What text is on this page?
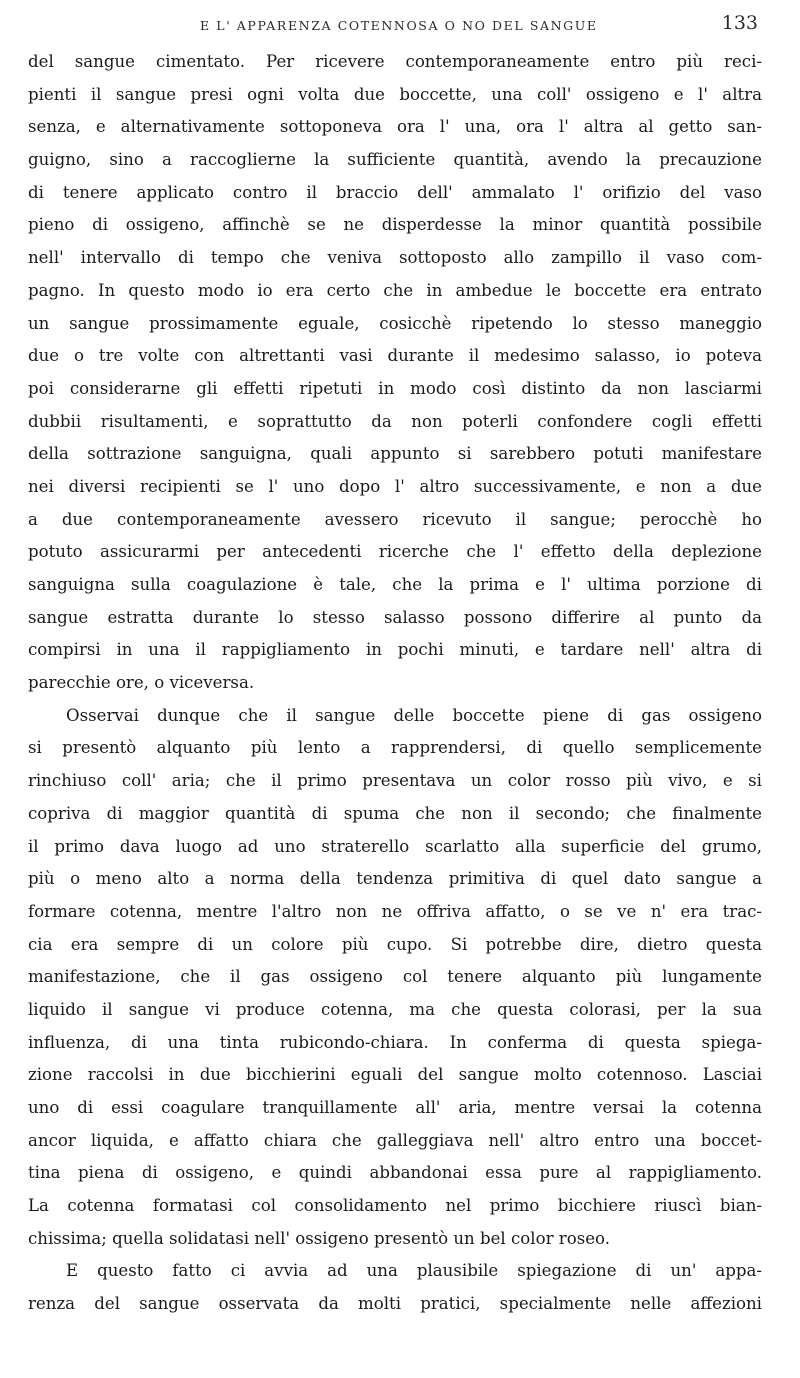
E L' APPARENZA COTENNOSA O NO DEL SANGUE	133

del sangue cimentato. Per ricevere contemporaneamente entro più reci-
pienti il sangue presi ogni volta due boccette, una coll' ossigeno e l' altra
senza, e alternativamente sottoponeva ora l' una, ora l' altra al getto san-
guigno, sino a raccoglierne la sufficiente quantità, avendo la precauzione
di tenere applicato contro il braccio dell' ammalato l' orifizio del vaso
pieno di ossigeno, affinchè se ne disperdesse la minor quantità possibile
nell' intervallo di tempo che veniva sottoposto allo zampillo il vaso com-
pagno. In questo modo io era certo che in ambedue le boccette era entrato
un sangue prossimamente eguale, cosicchè ripetendo lo stesso maneggio
due o tre volte con altrettanti vasi durante il medesimo salasso, io poteva
poi considerarne gli effetti ripetuti in modo così distinto da non lasciarmi
dubbii risultamenti, e soprattutto da non poterli confondere cogli effetti
della sottrazione sanguigna, quali appunto si sarebbero potuti manifestare
nei diversi recipienti se l' uno dopo l' altro successivamente, e non a due
a due contemporaneamente avessero ricevuto il sangue; perocchè ho
potuto assicurarmi per antecedenti ricerche che l' effetto della deplezione
sanguigna sulla coagulazione è tale, che la prima e l' ultima porzione di
sangue estratta durante lo stesso salasso possono differire al punto da
compirsi in una il rappigliamento in pochi minuti, e tardare nell' altra di
parecchie ore, o viceversa.

Osservai dunque che il sangue delle boccette piene di gas ossigeno
si presentò alquanto più lento a rapprendersi, di quello semplicemente
rinchiuso coll' aria; che il primo presentava un color rosso più vivo, e si
copriva di maggior quantità di spuma che non il secondo; che finalmente
il primo dava luogo ad uno straterello scarlatto alla superficie del grumo,
più o meno alto a norma della tendenza primitiva di quel dato sangue a
formare cotenna, mentre l'altro non ne offriva affatto, o se ve n' era trac-
cia era sempre di un colore più cupo. Si potrebbe dire, dietro questa
manifestazione, che il gas ossigeno col tenere alquanto più lungamente
liquido il sangue vi produce cotenna, ma che questa colorasi, per la sua
influenza, di una tinta rubicondo-chiara. In conferma di questa spiega-
zione raccolsi in due bicchierini eguali del sangue molto cotennoso. Lasciai
uno di essi coagulare tranquillamente all' aria, mentre versai la cotenna
ancor liquida, e affatto chiara che galleggiava nell' altro entro una boccet-
tina piena di ossigeno, e quindi abbandonai essa pure al rappigliamento.
La cotenna formatasi col consolidamento nel primo bicchiere riuscì bian-
chissima; quella solidatasi nell' ossigeno presentò un bel color roseo.

E questo fatto ci avvia ad una plausibile spiegazione di un' appa-
renza del sangue osservata da molti pratici, specialmente nelle affezioni
